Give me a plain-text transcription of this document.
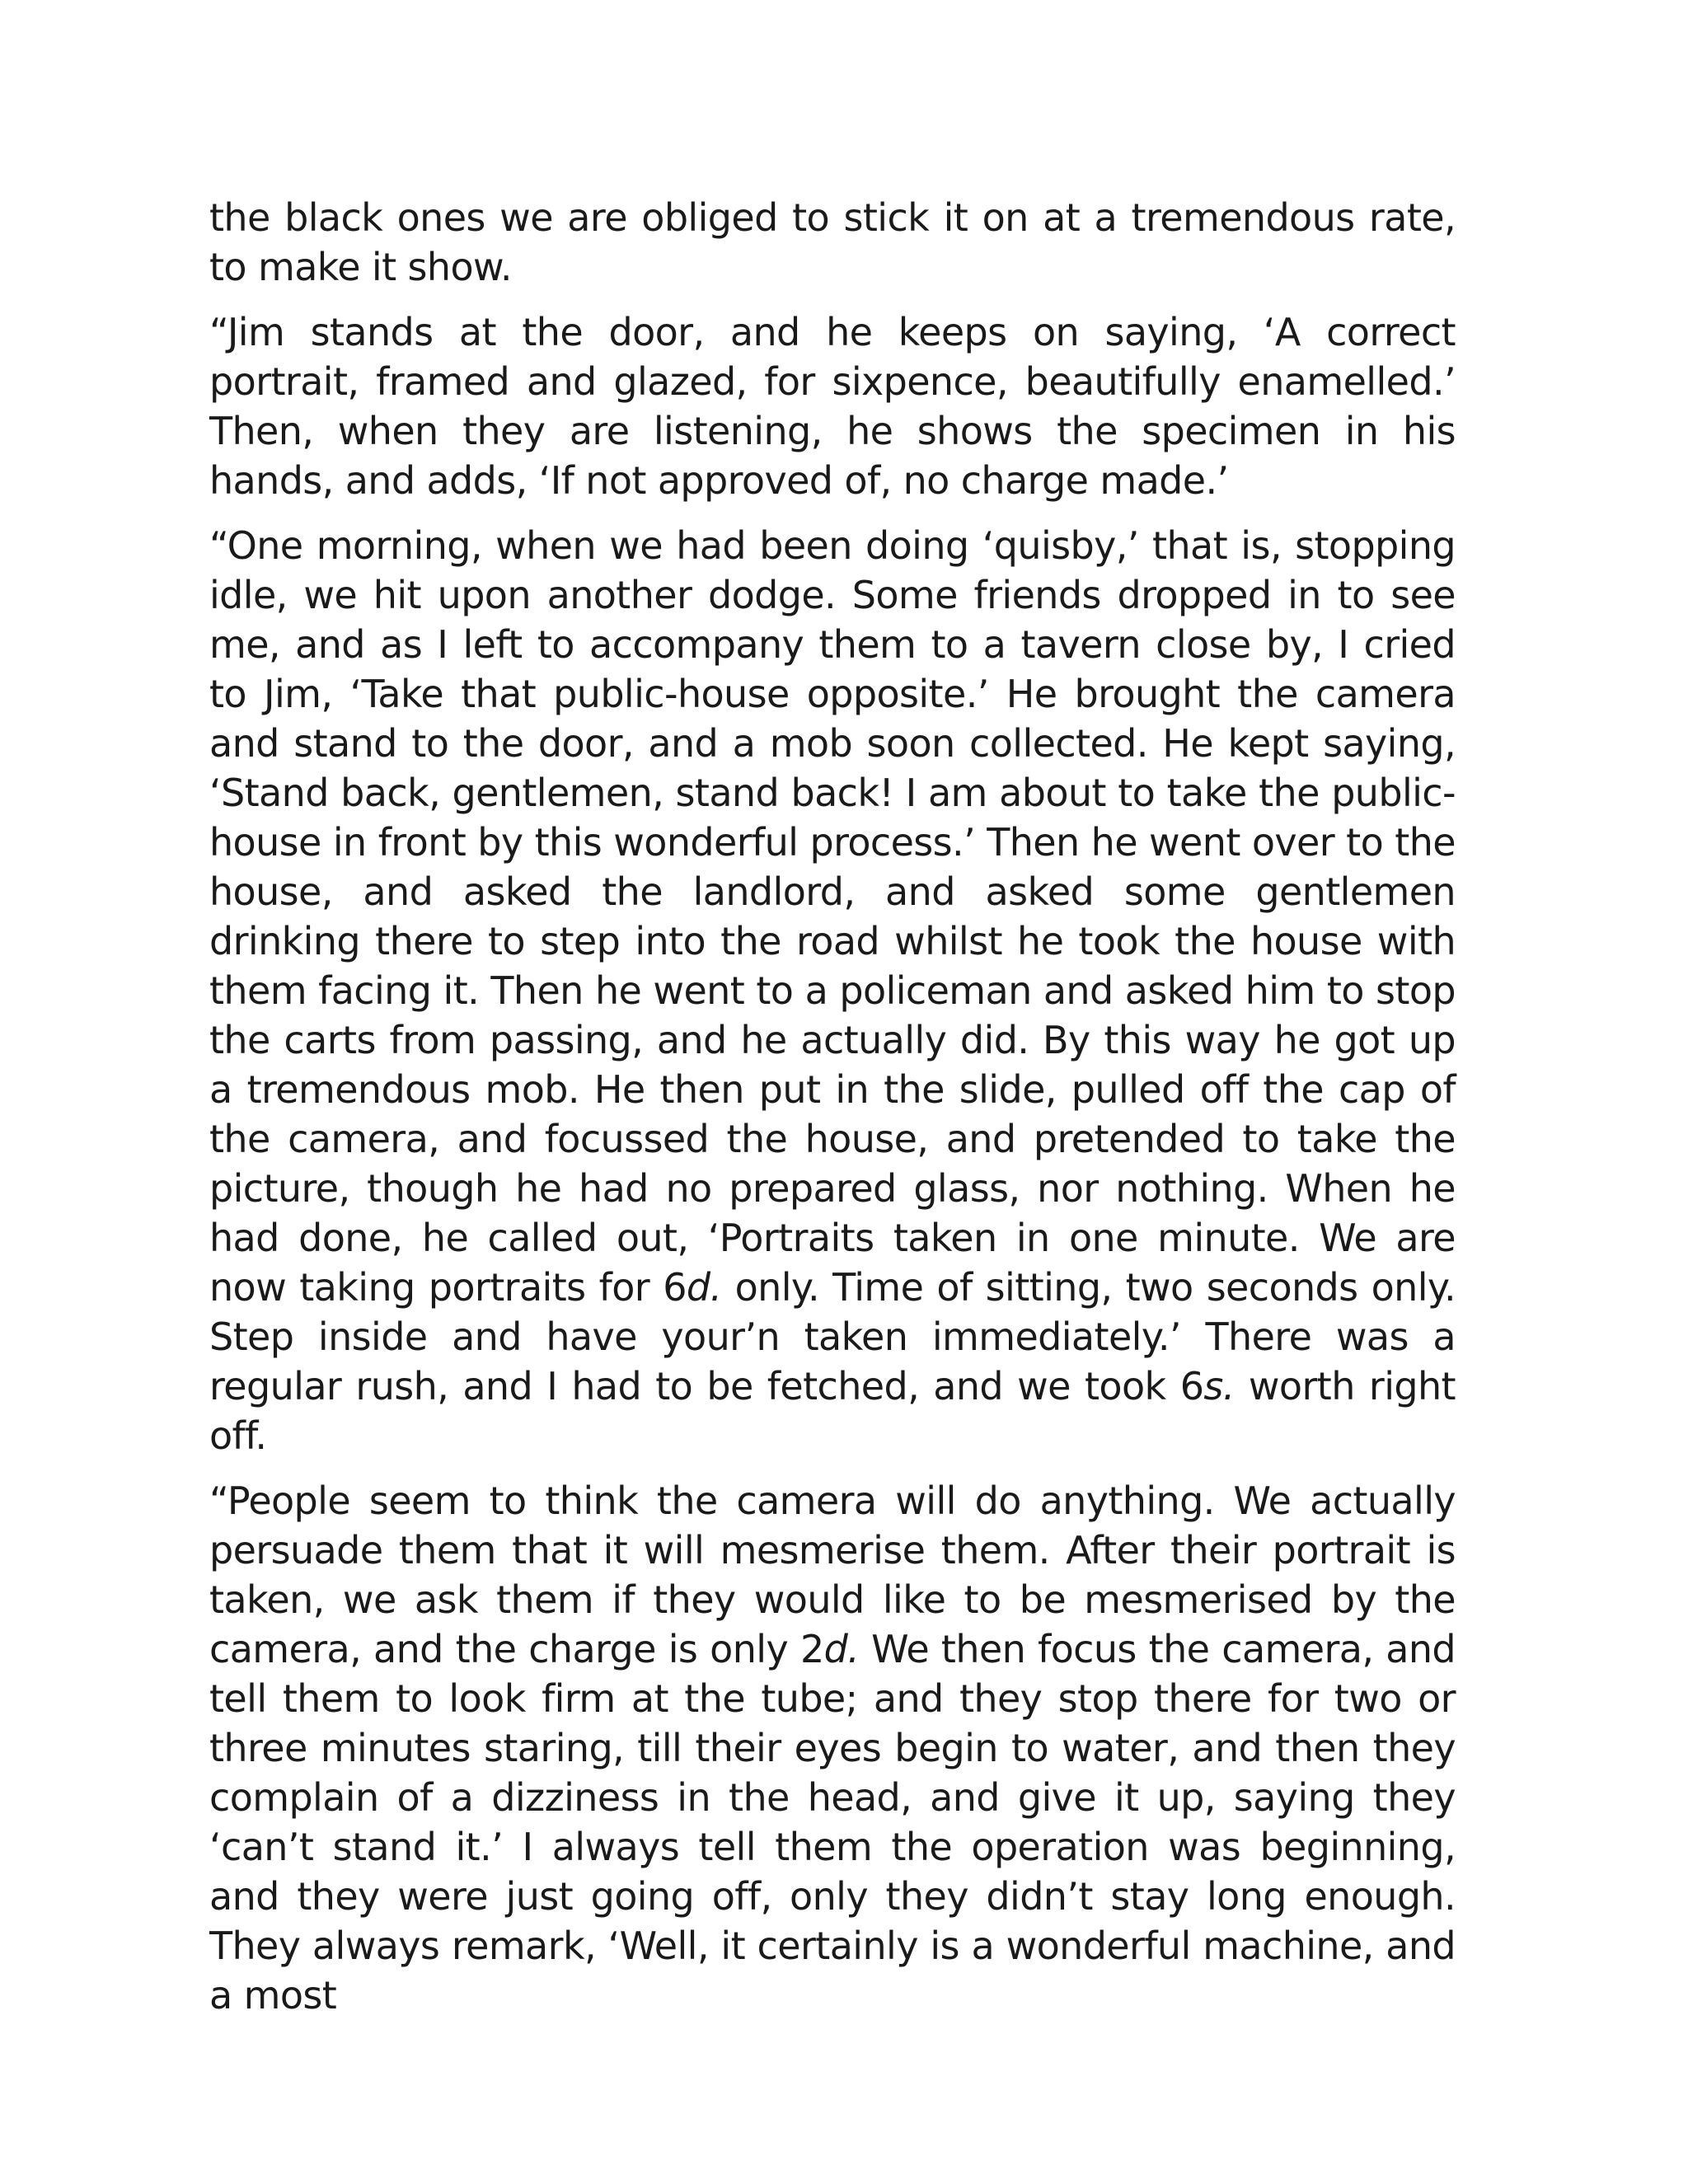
the black ones we are obliged to stick it on at a tremendous rate, to make it show.

“Jim stands at the door, and he keeps on saying, ‘A correct portrait, framed and glazed, for sixpence, beautifully enamelled.’ Then, when they are listening, he shows the specimen in his hands, and adds, ‘If not approved of, no charge made.’

“One morning, when we had been doing ‘quisby,’ that is, stopping idle, we hit upon another dodge. Some friends dropped in to see me, and as I left to accompany them to a tavern close by, I cried to Jim, ‘Take that public-house opposite.’ He brought the camera and stand to the door, and a mob soon collected. He kept saying, ‘Stand back, gentlemen, stand back! I am about to take the public-house in front by this wonderful process.’ Then he went over to the house, and asked the landlord, and asked some gentlemen drinking there to step into the road whilst he took the house with them facing it. Then he went to a policeman and asked him to stop the carts from passing, and he actually did. By this way he got up a tremendous mob. He then put in the slide, pulled off the cap of the camera, and focussed the house, and pretended to take the picture, though he had no prepared glass, nor nothing. When he had done, he called out, ‘Portraits taken in one minute. We are now taking portraits for 6d. only. Time of sitting, two seconds only. Step inside and have your’n taken immediately.’ There was a regular rush, and I had to be fetched, and we took 6s. worth right off.

“People seem to think the camera will do anything. We actually persuade them that it will mesmerise them. After their portrait is taken, we ask them if they would like to be mesmerised by the camera, and the charge is only 2d. We then focus the camera, and tell them to look firm at the tube; and they stop there for two or three minutes staring, till their eyes begin to water, and then they complain of a dizziness in the head, and give it up, saying they ‘can’t stand it.’ I always tell them the operation was beginning, and they were just going off, only they didn’t stay long enough. They always remark, ‘Well, it certainly is a wonderful machine, and a most
